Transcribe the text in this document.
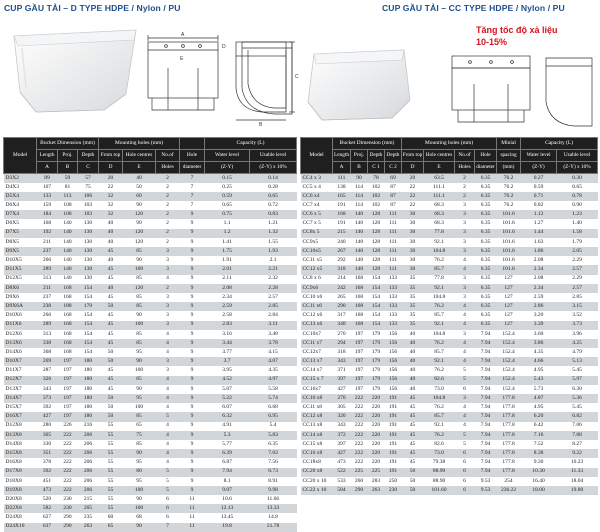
CUP GẦU TẢI – D TYPE HDPE / Nylon / PU	CUP GẦU TẢI – CC TYPE HDPE / Nylon / PU
Tăng tốc độ xả liệu
10-15%
A
E
B
C
D
Model	Bucket Dimension (mm)			Mounting holes (mm)				Capacity (L)	
	Length	Proj.	Depth	From top	Hole centres	No.of	Hole	Water level	Usable level
	A	B	C	D	E	Holes	diameter	(Z-Y)	(Z-Y) x 10%
D3X2	89	59	57	20	40	2	7	0.15	0.14
D4X3	107	81	75	22	50	2	7	0.25	0.28
D5X4	133	113	106	32	60	2	7	0.59	0.65
D6X4	159	108	103	32	90	2	7	0.65	0.72
D7X4	184	108	103	32	120	2	9	0.75	0.83
D6X5	168	140	130	40	90	2	9	1.1	1.21
D7X5	192	140	130	40	120	2	9	1.2	1.32
D8X5	211	140	130	40	120	2	9	1.41	1.55
D9X5	237	140	130	45	85	3	9	1.75	1.93
D10X5	266	140	130	40	90	3	9	1.91	2.1
D11X5	289	140	130	45	100	3	9	2.01	2.21
D12X5	313	140	130	45	85	4	9	2.11	2.32
D8X6	211	168	154	40	120	2	9	2.08	2.28
D9X6	237	168	154	45	85	3	9	2.34	2.57
D9X6A	238	188	170	50	85	3	9	2.59	2.85
D10X6	266	168	154	45	90	3	9	2.58	2.84
D11X6	289	168	154	45	100	3	9	2.83	3.11
D12X6	313	168	154	45	85	4	9	3.16	3.48
D13X6	338	168	154	45	85	4	9	3.44	3.78
D14X6	368	168	154	50	95	4	9	3.77	4.15
D10X7	269	197	180	50	90	3	9	3.7	4.07
D11X7	287	197	180	45	100	3	9	3.95	4.35
D12X7	326	197	180	45	85	4	9	4.52	4.97
D13X7	343	197	180	45	90	4	9	5.07	5.58
D14X7	373	197	180	50	95	4	9	5.22	5.74
D15X7	392	197	180	50	100	4	9	6.07	6.68
D16X7	427	197	180	50	85	5	9	6.32	6.95
D12X8	280	226	216	55	65	4	9	4.91	5.4
D13X8	305	222	206	55	75	4	9	5.3	5.83
D14X8	330	222	206	55	85	4	9	5.77	6.35
D15X8	351	222	206	55	90	4	9	6.39	7.03
D16X8	378	222	206	55	95	4	9	6.87	7.56
D17X8	392	222	206	55	80	5	9	7.94	8.73
D18X8	451	222	206	55	95	5	9	8.1	8.91
D19X8	473	222	206	55	100	5	9	9.07	9.98
D20X8	520	230	215	55	90	6	11	10.6	11.66
D22X8	582	230	205	55	100	6	11	12.13	13.33
D24X8	627	290	235	60	68	6	11	13.45	14.8
D24X10	637	290	263	65	90	7	11	19.8	21.78
Model	Bucket Dimension (mm)				Mounting holes (mm)				Minial	Capacity (L)	
	Length	Proj.	Depth	Depth	From top	Hole centres	No.of	Hole	spacing	Water level	Usable level
	A	B	C 1	C 2	D	E	Holes	diameter	(mm)	(Z-Y)	(Z-Y) x 10%
CC4 x 3	111	90	78	69	20	63.5	2	6.35	76.2	0.27	0.30
CC5 x 4	138	114	102	87	22	111.1	2	6.35	76.2	0.59	0.65
CC6 x4	165	114	102	87	22	111.1	2	6.35	76.2	0.71	0.78
CC7 x4	191	114	102	87	22	68.3	3	6.35	76.2	0.82	0.90
CC6 x 5	168	140	128	111	30	68.3	3	6.35	101.6	1.12	1.23
CC7 x 5	191	140	128	111	30	68.3	3	6.35	101.6	1.27	1.40
CC8x 5	215	140	128	111	30	77.8	3	6.35	101.6	1.44	1.58
CC9x5	240	140	128	111	30	92.1	3	6.35	101.6	1.63	1.79
CC10x5	267	140	128	111	30	104.8	3	6.35	101.6	1.86	2.05
CC11 x5	292	140	128	111	30	76.2	4	6.35	101.6	2.08	2.29
CC12 x5	318	140	128	111	30	85.7	4	6.35	101.6	2.34	2.57
CC8 x 6	214	168	154	133	35	77.8	3	6.35	127	2.08	2.29
CC9x6	242	168	154	133	35	92.1	3	6.35	127	2.34	2.57
CC10 x6	265	168	154	133	35	104.8	3	6.35	127	2.59	2.85
CC11 x6	290	168	154	133	35	76.2	4	6.35	127	2.86	3.15
CC12 x6	317	168	154	133	35	85.7	4	6.35	127	3.20	3.52
CC13 x6	340	168	154	133	35	92.1	4	6.35	127	3.39	3.73
CC10x7	270	197	179	156	40	104.8	3	7.94	152.4	3.60	3.96
CC11 x7	294	197	179	156	40	76.2	4	7.94	152.4	3.86	4.25
CC12x7	318	197	179	156	40	85.7	4	7.94	152.4	4.35	4.79
CC13 x7	343	197	179	156	40	92.1	4	7.94	152.4	4.66	5.13
CC14 x7	371	197	179	156	40	76.2	5	7.94	152.4	4.95	5.45
CC15 x 7	397	197	179	156	40	82.6	5	7.94	152.4	5.43	5.97
CC16x7	427	197	179	156	40	73.0	6	7.94	152.4	5.73	6.30
CC10 x8	270	222	220	191	45	104.8	3	7.94	177.8	4.87	5.36
CC11 x8	305	222	220	191	45	76.2	4	7.94	177.8	4.95	5.45
CC12 x8	320	222	220	191	45	85.7	4	7.94	177.8	6.20	6.82
CC13 x8	343	222	220	191	45	92.1	4	7.94	177.8	6.42	7.06
CC14 x8	372	222	220	191	45	76.2	5	7.94	177.8	7.16	7.88
CC15 x8	397	222	220	191	45	82.6	5	7.94	177.8	7.52	8.27
CC16 x8	427	222	220	191	45	73.0	6	7.94	177.8	8.38	9.22
CC18x8	473	222	220	191	45	79.38	6	7.94	177.8	9.30	10.23
CC20 x8	522	225	225	191	50	88.90	6	7.94	177.8	10.30	11.33
CC20 x 10	533	260	283	250	50	88.90	6	9.53	254	16.40	18.04
CC22 x 10	584	290	263	230	50	101.60	6	9.53	236.22	18.00	19.80
